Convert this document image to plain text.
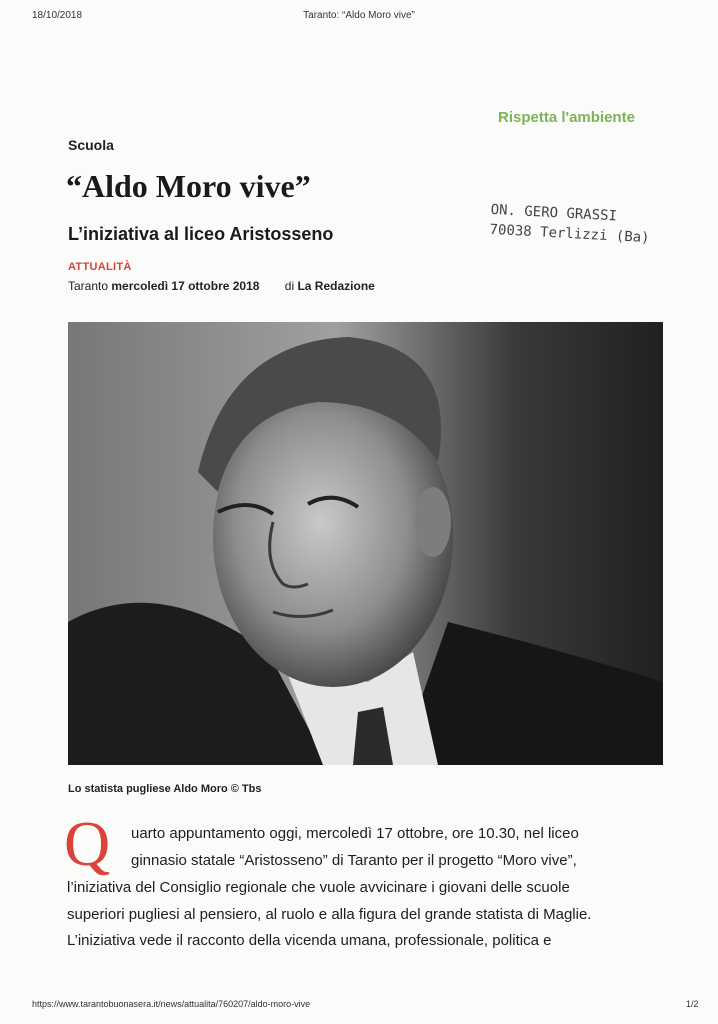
18/10/2018	Taranto: “Aldo Moro vive”
Rispetta l'ambiente
Scuola
“Aldo Moro vive”
L’iniziativa al liceo Aristosseno
ON. GERO GRASSI
70038 Terlizzi (Ba)
ATTUALITÀ
Taranto mercoledì 17 ottobre 2018 di La Redazione
Lo statista pugliese Aldo Moro © Tbs
Q uarto appuntamento oggi, mercoledì 17 ottobre, ore 10.30, nel liceo
ginnasio statale “Aristosseno” di Taranto per il progetto “Moro vive”,
l’iniziativa del Consiglio regionale che vuole avvicinare i giovani delle scuole
superiori pugliesi al pensiero, al ruolo e alla figura del grande statista di Maglie.
L’iniziativa vede il racconto della vicenda umana, professionale, politica e
https://www.tarantobuonasera.it/news/attualita/760207/aldo-moro-vive	1/2
